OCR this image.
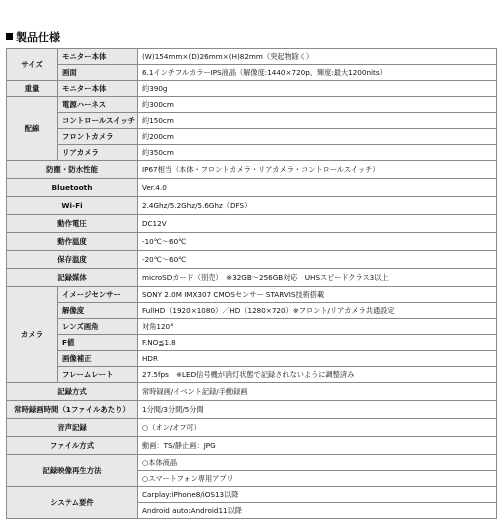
製品仕様
サイズ	モニター本体	(W)154mm×(D)26mm×(H)82mm（突起物除く）
	画面	6.1インチフルカラーIPS液晶（解像度:1440×720p、輝度:最大1200nits）
重量	モニター本体	約390g
配線	電源ハーネス	約300cm
	コントロールスイッチ	約150cm
	フロントカメラ	約200cm
	リアカメラ	約350cm
防塵・防水性能		IP67相当（本体・フロントカメラ・リアカメラ・コントロールスイッチ）
Bluetooth		Ver.4.0
Wi-Fi		2.4Ghz/5.2Ghz/5.6Ghz（DFS）
動作電圧		DC12V
動作温度		-10℃〜60℃
保存温度		-20℃〜60℃
記録媒体		microSDカード（別売）　※32GB〜256GB対応　UHSスピードクラス3以上
カメラ	イメージセンサー	SONY 2.0M IMX307 CMOSセンサー STARVIS技術搭載
	解像度	FullHD（1920×1080）／HD（1280×720）※フロント/リアカメラ共通設定
	レンズ画角	対角120°
	F値	F.NO≦1.8
	画像補正	HDR
	フレームレート	27.5fps　※LED信号機が消灯状態で記録されないように調整済み
記録方式		常時録画/イベント記録/手動録画
常時録画時間（1ファイルあたり）		1分間/3分間/5分間
音声記録		○（オン/オフ可）
ファイル方式		動画：TS/静止画：JPG
記録映像再生方法		○本体液晶
		○スマートフォン専用アプリ
システム要件		Carplay:iPhone8/iOS13以降
		Android auto:Android11以降
